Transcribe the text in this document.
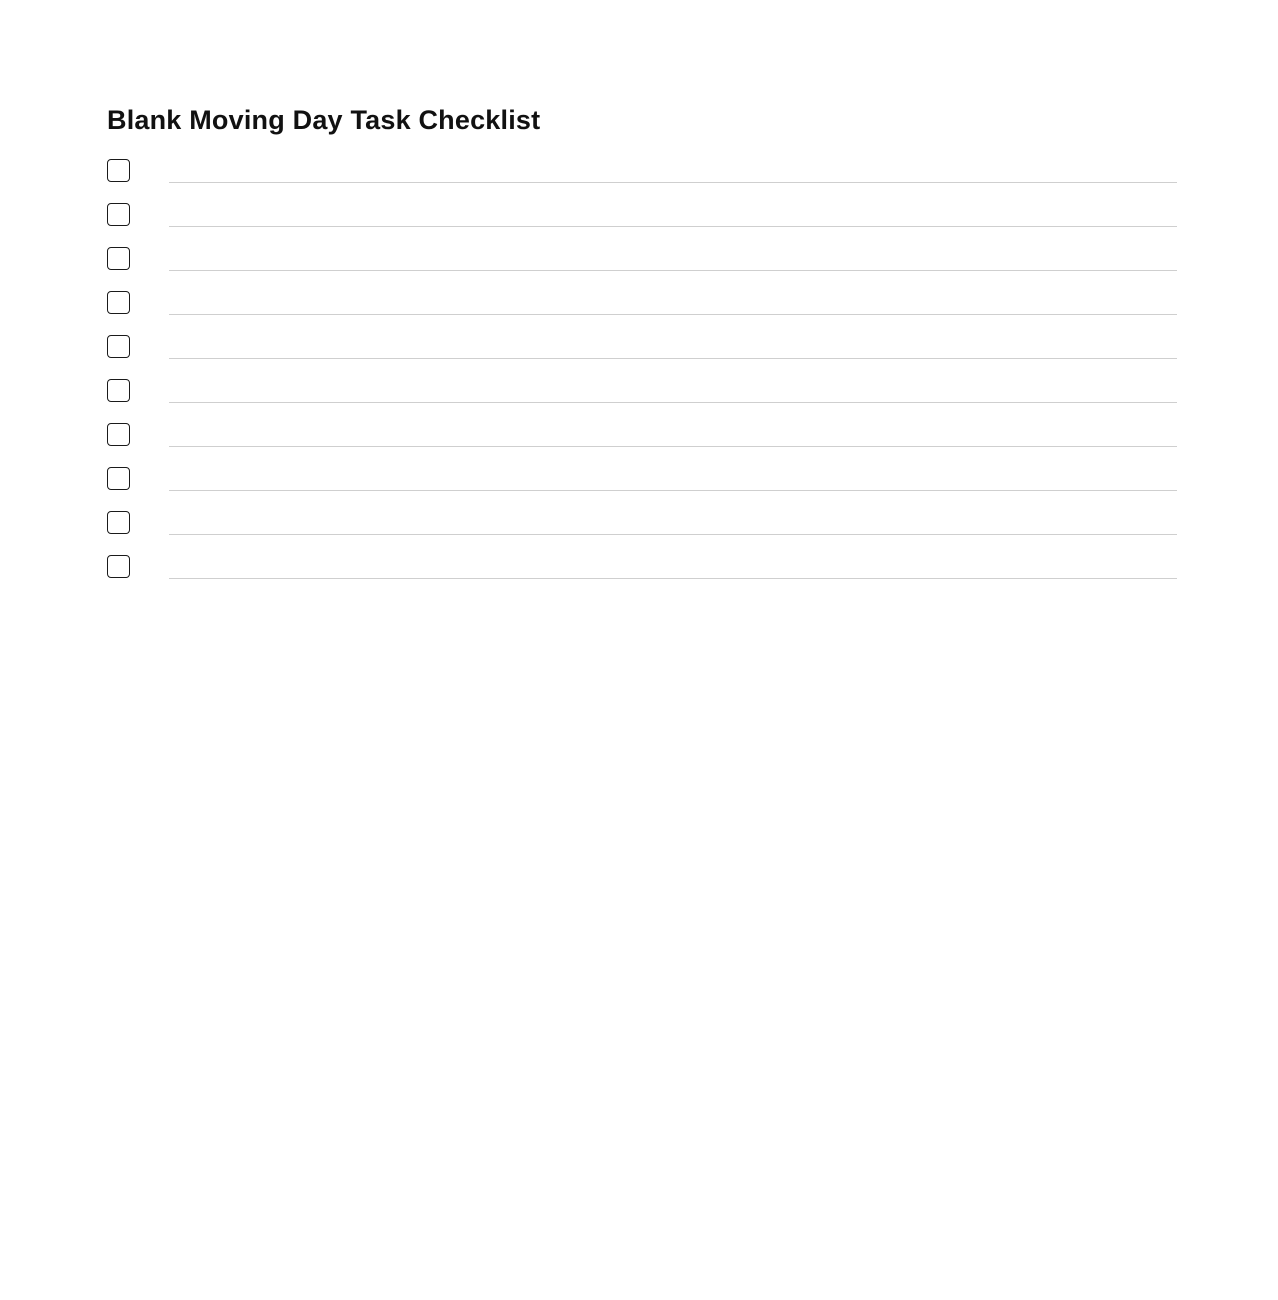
Blank Moving Day Task Checklist
